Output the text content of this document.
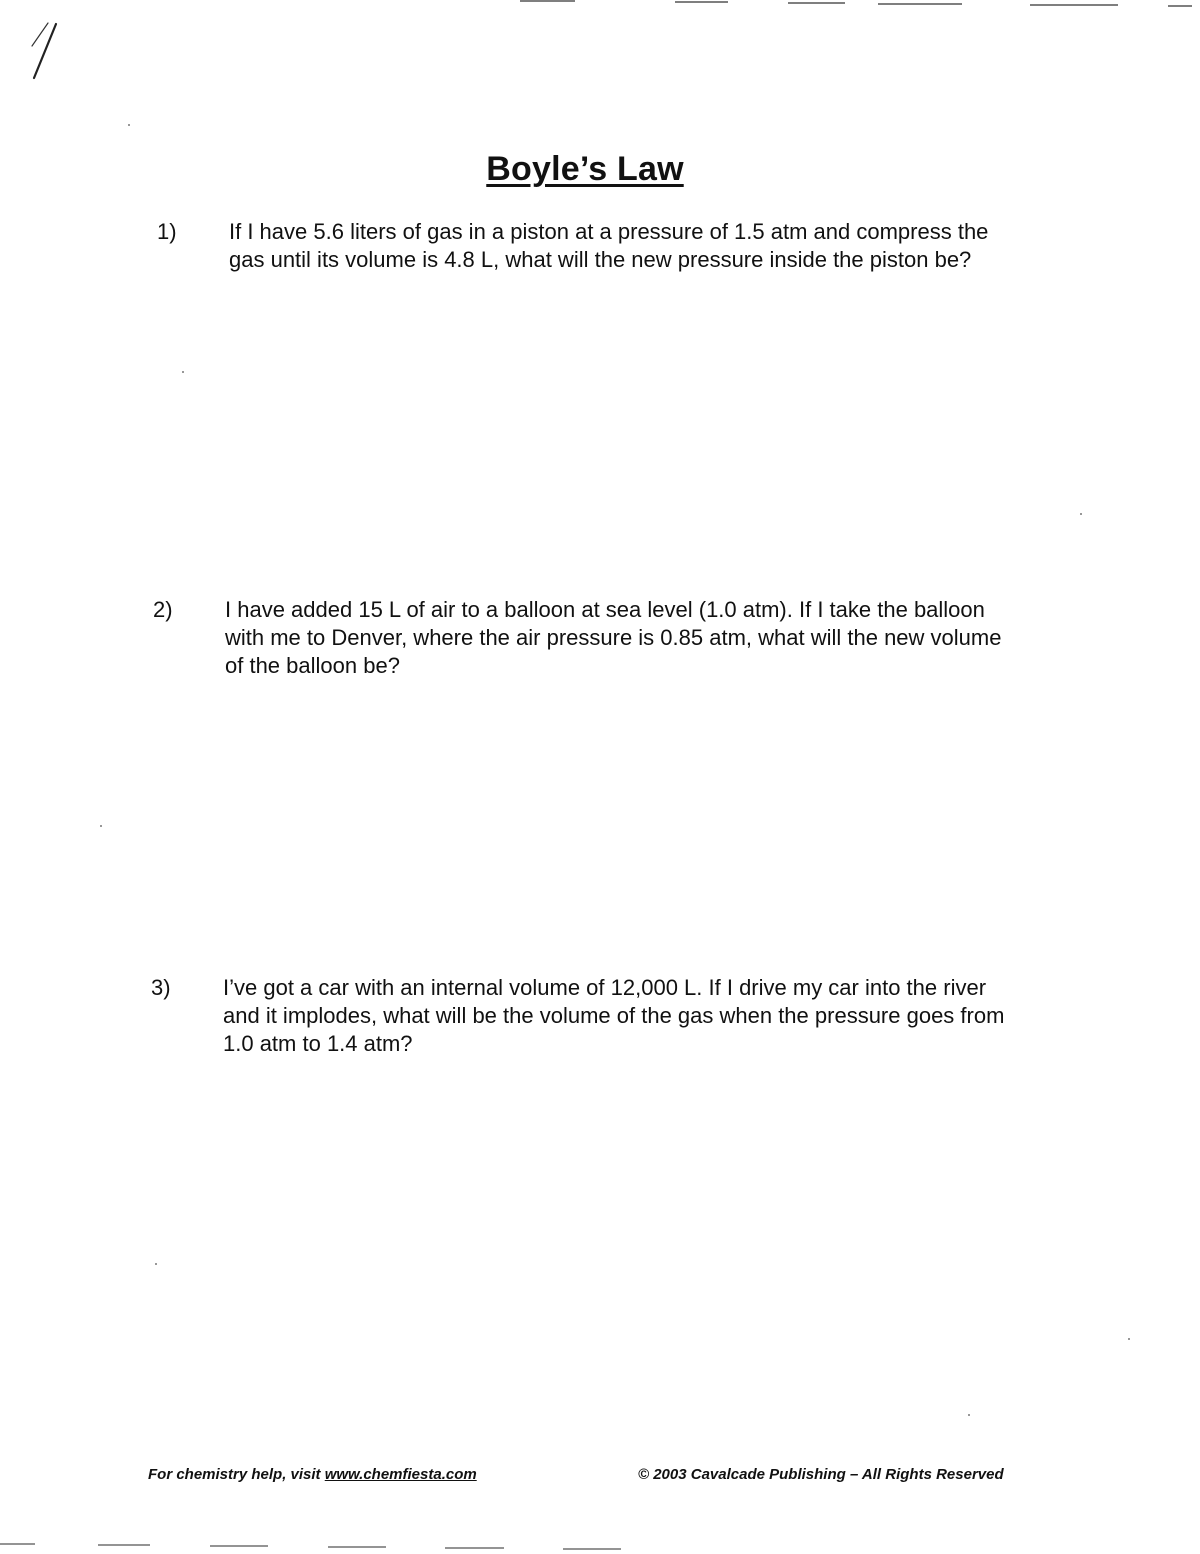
Boyle’s Law
1) If I have 5.6 liters of gas in a piston at a pressure of 1.5 atm and compress the gas until its volume is 4.8 L, what will the new pressure inside the piston be?
2) I have added 15 L of air to a balloon at sea level (1.0 atm). If I take the balloon with me to Denver, where the air pressure is 0.85 atm, what will the new volume of the balloon be?
3) I’ve got a car with an internal volume of 12,000 L. If I drive my car into the river and it implodes, what will be the volume of the gas when the pressure goes from 1.0 atm to 1.4 atm?
For chemistry help, visit www.chemfiesta.com	© 2003 Cavalcade Publishing – All Rights Reserved
